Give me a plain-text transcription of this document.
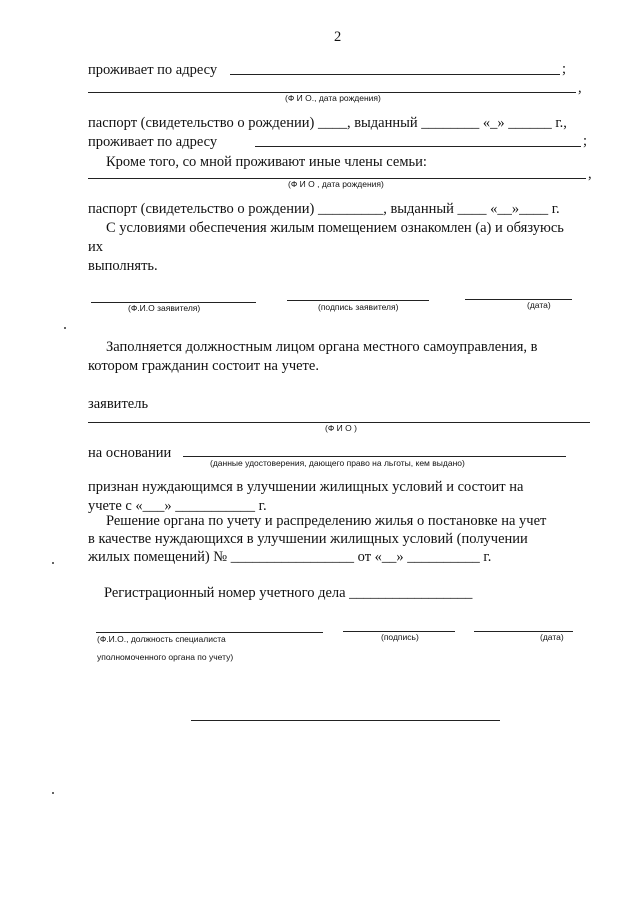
2
проживает по адресу	;
,
(Ф И О., дата рождения)
паспорт (свидетельство о рождении) ____, выданный ________ «_» ______ г.,
проживает по адресу	;
Кроме того, со мной проживают иные члены семьи:
,
(Ф И О , дата рождения)
паспорт (свидетельство о рождении) _________, выданный ____ «__»____ г.
С условиями обеспечения жилым помещением ознакомлен (а) и обязуюсь
их
выполнять.
(Ф.И.О заявителя)	(подпись заявителя)	(дата)
Заполняется должностным лицом органа местного самоуправления, в
котором гражданин состоит на учете.
заявитель
(Ф И О )
на основании
(данные удостоверения, дающего право на льготы, кем выдано)
признан нуждающимся в улучшении жилищных условий и состоит на
учете с «___» ___________ г.
Решение органа по учету и распределению жилья о постановке на учет
в качестве нуждающихся в улучшении жилищных условий (получении
жилых помещений) № _________________ от «__» __________ г.
Регистрационный номер учетного дела _________________
(Ф.И.О., должность специалиста	(подпись)	(дата)
уполномоченного органа по учету)
